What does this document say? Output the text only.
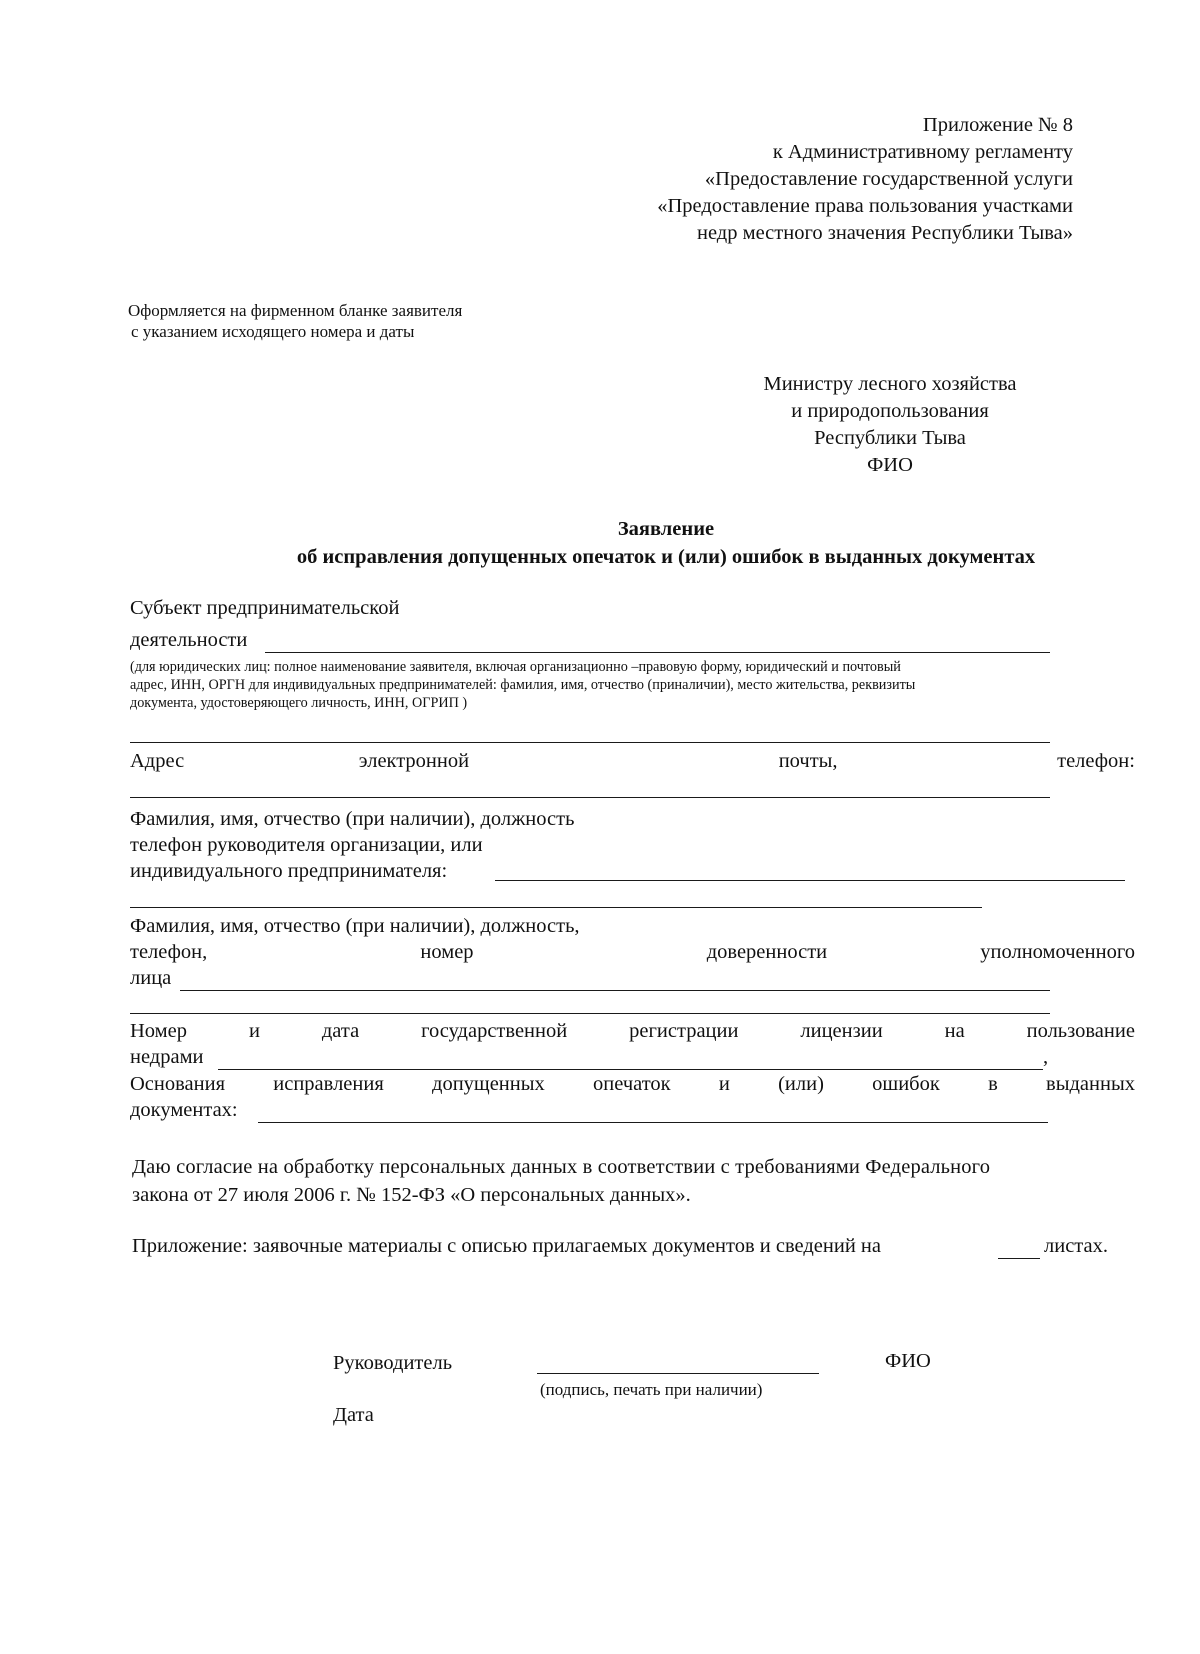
Приложение № 8
к Административному регламенту
«Предоставление государственной услуги
«Предоставление права пользования участками
недр местного значения Республики Тыва»
Оформляется на фирменном бланке заявителя
с указанием исходящего номера и даты
Министру лесного хозяйства
и природопользования
Республики Тыва
ФИО
Заявление
об исправления допущенных опечаток и (или) ошибок в выданных документах
Субъект предпринимательской
деятельности
(для юридических лиц: полное наименование заявителя, включая организационно –правовую форму, юридический и почтовый
адрес, ИНН, ОРГН для индивидуальных предпринимателей: фамилия, имя, отчество (приналичии), место жительства, реквизиты
документа, удостоверяющего личность, ИНН, ОГРИП )
Адрес	электронной	почты,	телефон:
Фамилия, имя, отчество (при наличии), должность
телефон руководителя организации, или
индивидуального предпринимателя:
Фамилия, имя, отчество (при наличии), должность,
телефон,	номер	доверенности	уполномоченного
лица
Номер	и	дата	государственной	регистрации	лицензии	на	пользование
недрами	,
Основания исправления допущенных опечаток и (или) ошибок в выданных
документах:
Даю согласие на обработку персональных данных в соответствии с требованиями Федерального
закона от 27 июля 2006 г. № 152-ФЗ «О персональных данных».
Приложение: заявочные материалы с описью прилагаемых документов и сведений на	листах.
Руководитель
(подпись, печать при наличии)
ФИО
Дата
